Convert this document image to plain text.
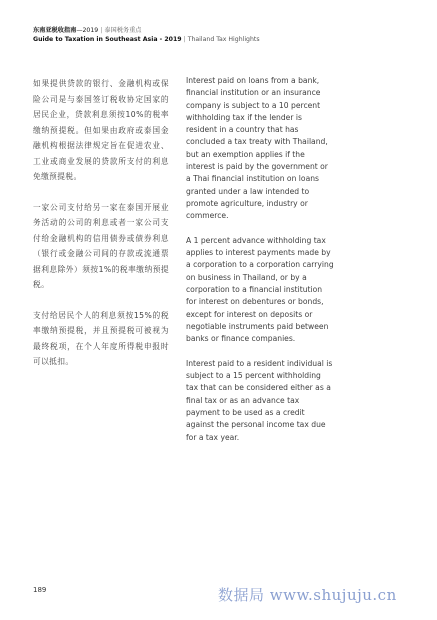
东南亚税收指南—2019 | 泰国税务重点
Guide to Taxation in Southeast Asia - 2019 | Thailand Tax Highlights

如果提供贷款的银行、金融机构或保险公司是与泰国签订税收协定国家的居民企业，贷款利息须按10%的税率缴纳预提税。但如果由政府或泰国金融机构根据法律规定旨在促进农业、工业或商业发展的贷款所支付的利息免缴预提税。

一家公司支付给另一家在泰国开展业务活动的公司的利息或者一家公司支付给金融机构的信用债券或债券利息（银行或金融公司间的存款或流通票据利息除外）须按1%的税率缴纳预提税。

支付给居民个人的利息须按15%的税率缴纳预提税，并且预提税可被视为最终税项，在个人年度所得税申报时可以抵扣。

Interest paid on loans from a bank, financial institution or an insurance company is subject to a 10 percent withholding tax if the lender is resident in a country that has concluded a tax treaty with Thailand, but an exemption applies if the interest is paid by the government or a Thai financial institution on loans granted under a law intended to promote agriculture, industry or commerce.

A 1 percent advance withholding tax applies to interest payments made by a corporation to a corporation carrying on business in Thailand, or by a corporation to a financial institution for interest on debentures or bonds, except for interest on deposits or negotiable instruments paid between banks or finance companies.

Interest paid to a resident individual is subject to a 15 percent withholding tax that can be considered either as a final tax or as an advance tax payment to be used as a credit against the personal income tax due for a tax year.

189	数据局 www.shujuju.cn
